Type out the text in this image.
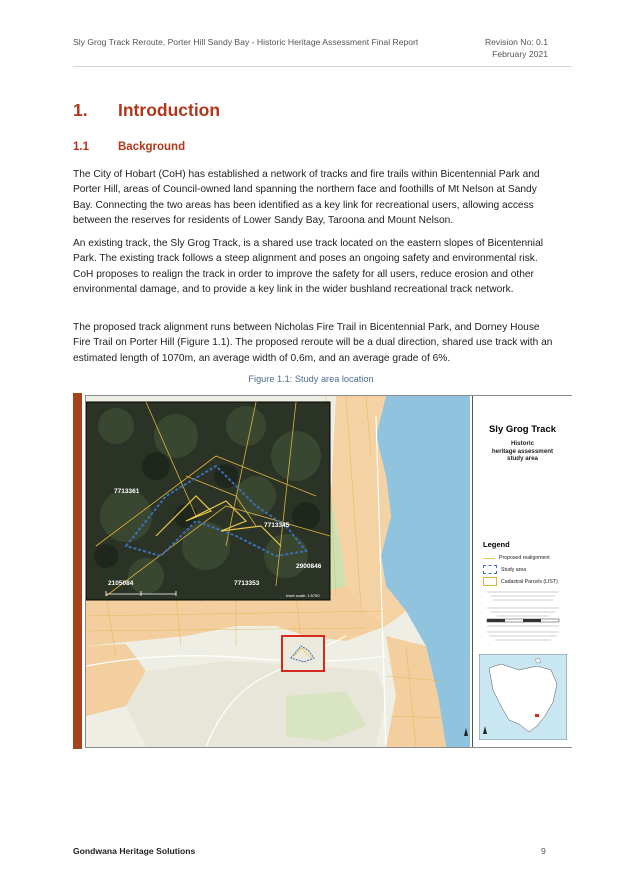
Sly Grog Track Reroute, Porter Hill Sandy Bay - Historic Heritage Assessment Final Report	Revision No: 0.1
February 2021
1. Introduction
1.1	Background
The City of Hobart (CoH) has established a network of tracks and fire trails within Bicentennial Park and Porter Hill, areas of Council-owned land spanning the northern face and foothills of Mt Nelson at Sandy Bay. Connecting the two areas has been identified as a key link for recreational users, allowing access between the reserves for residents of Lower Sandy Bay, Taroona and Mount Nelson.
An existing track, the Sly Grog Track, is a shared use track located on the eastern slopes of Bicentennial Park. The existing track follows a steep alignment and poses an ongoing safety and environmental risk. CoH proposes to realign the track in order to improve the safety for all users, reduce erosion and other environmental damage, and to provide a key link in the wider bushland recreational track network.
The proposed track alignment runs between Nicholas Fire Trail in Bicentennial Park, and Dorney House Fire Trail on Porter Hill (Figure 1.1). The proposed reroute will be a dual direction, shared use track with an estimated length of 1070m, an average width of 0.6m, and an average grade of 6%.
Figure 1.1: Study area location
7713361
7713345
2900846
2105084	7713353
Inset scale: 1:5750
Sly Grog Track
Historic
heritage assessment
study area
Legend
Proposed realignment
Study area
Cadastral Parcels (LIST)
Gondwana Heritage Solutions	9
